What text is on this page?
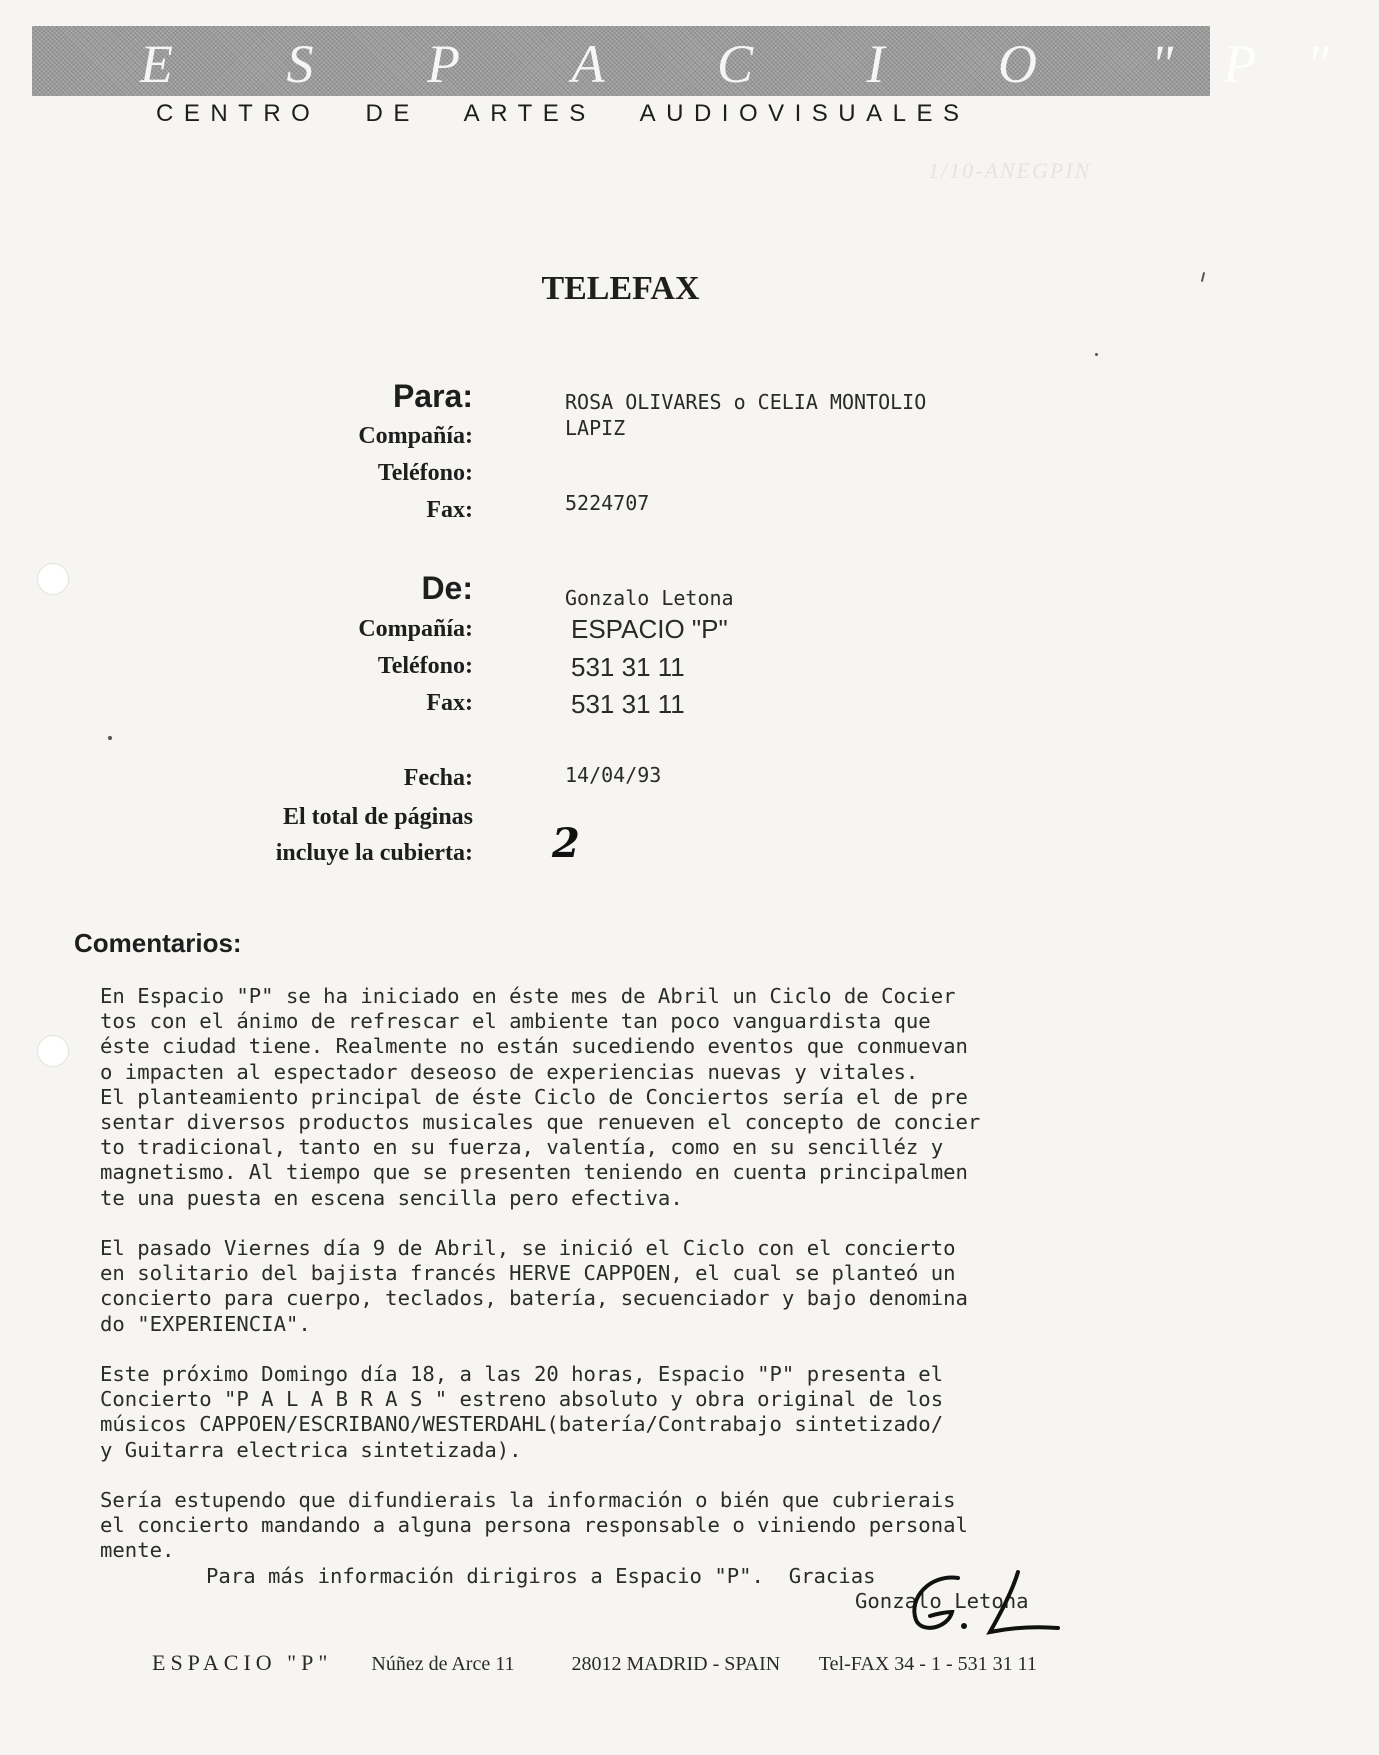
E S P A C I O "P"
CENTRO DE ARTES AUDIOVISUALES
1/10-ANEGPIN
TELEFAX
Para:
Compañía:
Teléfono:
Fax:
ROSA OLIVARES o CELIA MONTOLIO
LAPIZ
5224707
De:
Compañía:
Teléfono:
Fax:
Gonzalo Letona
ESPACIO "P"
531 31 11
531 31 11
Fecha:	14/04/93
El total de páginas
incluye la cubierta: 2
Comentarios:

En Espacio "P" se ha iniciado en éste mes de Abril un Ciclo de Cocier
tos con el ánimo de refrescar el ambiente tan poco vanguardista que
éste ciudad tiene. Realmente no están sucediendo eventos que conmuevan
o impacten al espectador deseoso de experiencias nuevas y vitales.
El planteamiento principal de éste Ciclo de Conciertos sería el de pre
sentar diversos productos musicales que renueven el concepto de concier
to tradicional, tanto en su fuerza, valentía, como en su sencilléz y
magnetismo. Al tiempo que se presenten teniendo en cuenta principalmen
te una puesta en escena sencilla pero efectiva.

El pasado Viernes día 9 de Abril, se inició el Ciclo con el concierto
en solitario del bajista francés HERVE CAPPOEN, el cual se planteó un
concierto para cuerpo, teclados, batería, secuenciador y bajo denomina
do "EXPERIENCIA".

Este próximo Domingo día 18, a las 20 horas, Espacio "P" presenta el
Concierto "P A L A B R A S " estreno absoluto y obra original de los
músicos CAPPOEN/ESCRIBANO/WESTERDAHL(batería/Contrabajo sintetizado/
y Guitarra electrica sintetizada).

Sería estupendo que difundierais la información o bién que cubrierais
el concierto mandando a alguna persona responsable o viniendo personal
mente.

Para más información dirigiros a Espacio "P".  Gracias
Gonzalo Letona
ESPACIO "P" Núñez de Arce 11	28012 MADRID - SPAIN Tel-FAX 34 - 1 - 531 31 11
